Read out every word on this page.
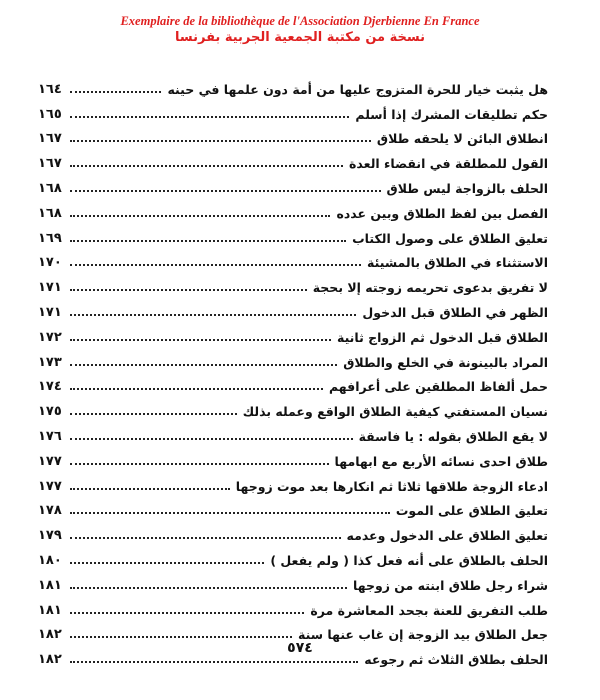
Exemplaire de la bibliothèque de l'Association Djerbienne En France
نسخة من مكتبة الجمعية الجربية بفرنسا
هل يثبت خيار للحرة المتزوج عليها من أمة دون علمها في حينه
١٦٤
حكم تطليقات المشرك إذا أسلم
١٦٥
انطلاق البائن لا يلحقه طلاق
١٦٧
القول للمطلقة في انقضاء العدة
١٦٧
الحلف بالزواجة ليس طلاق
١٦٨
الفصل بين لفظ الطلاق وبين عدده
١٦٨
تعليق الطلاق على وصول الكتاب
١٦٩
الاستثناء في الطلاق بالمشيئة
١٧٠
لا تفريق بدعوى تحريمه زوجته إلا بحجة
١٧١
الظهر في الطلاق قبل الدخول
١٧١
الطلاق قبل الدخول ثم الزواج ثانية
١٧٢
المراد بالبينونة في الخلع والطلاق
١٧٣
حمل ألفاظ المطلقين على أعرافهم
١٧٤
نسيان المستفتي كيفية الطلاق الواقع وعمله بذلك
١٧٥
لا يقع الطلاق بقوله : يا فاسقة
١٧٦
طلاق احدى نسائه الأربع مع ابهامها
١٧٧
ادعاء الزوجة طلاقها ثلاثا ثم انكارها بعد موت زوجها
١٧٧
تعليق الطلاق على الموت
١٧٨
تعليق الطلاق على الدخول وعدمه
١٧٩
الحلف بالطلاق على أنه فعل كذا ( ولم يفعل )
١٨٠
شراء رجل طلاق ابنته من زوجها
١٨١
طلب التفريق للعنة بجحد المعاشرة مرة
١٨١
جعل الطلاق بيد الزوجة إن غاب عنها سنة
١٨٢
الحلف بطلاق الثلاث ثم رجوعه
١٨٢
٥٧٤
